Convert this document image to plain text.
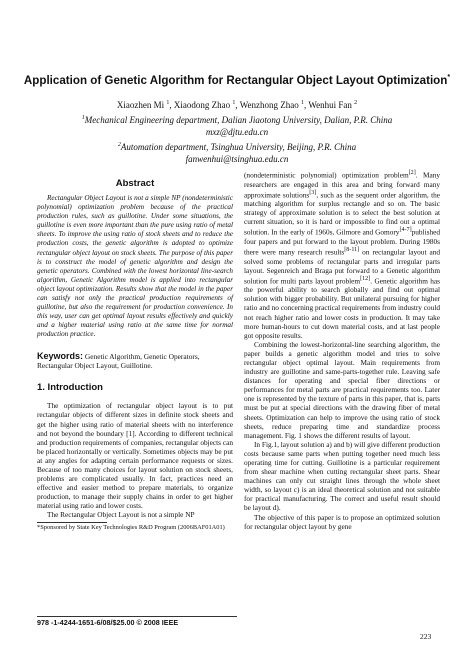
Application of Genetic Algorithm for Rectangular Object Layout Optimization*
Xiaozhen Mi $^1$, Xiaodong Zhao $^1$, Wenzhong Zhao $^1$, Wenhui Fan $^2$
$^1$Mechanical Engineering department, Dalian Jiaotong University, Dalian, P.R. China
mxz@djtu.edu.cn
$^2$Automation department, Tsinghua University, Beijing, P.R. China
fanwenhui@tsinghua.edu.cn
Abstract

Rectangular Object Layout is not a simple NP (nondeterministic polynomial) optimization problem because of the practical production rules, such as guillotine. Under some situations, the guillotine is even more important than the pure using ratio of metal sheets. To improve the using ratio of stock sheets and to reduce the production costs, the genetic algorithm is adopted to optimize rectangular object layout on stock sheets. The purpose of this paper is to construct the model of genetic algorithm and design the genetic operators. Combined with the lowest horizontal line-search algorithm, Genetic Algorithm model is applied into rectangular object layout optimization. Results show that the model in the paper can satisfy not only the practical production requirements of guillotine, but also the requirement for production convenience. In this way, user can get optimal layout results effectively and quickly and a higher material using ratio at the same time for normal production practice.

Keywords: Genetic Algorithm, Genetic Operators, Rectangular Object Layout, Guillotine.

1. Introduction

The optimization of rectangular object layout is to put rectangular objects of different sizes in definite stock sheets and get the higher using ratio of material sheets with no interference and not beyond the boundary [1]. According to different technical and production requirements of companies, rectangular objects can be placed horizontally or vertically. Sometimes objects may be put at any angles for adapting certain performance requests or sizes. Because of too many choices for layout solution on stock sheets, problems are complicated usually. In fact, practices need an effective and easier method to prepare materials, to organize production, to manage their supply chains in order to get higher material using ratio and lower costs.

The Rectangular Object Layout is not a simple NP

*Sponsored by State Key Technologies R&D Program (2006BAF01A01)

(nondeterministic polynomial) optimization problem[2]. Many researchers are engaged in this area and bring forward many approximate solutions[3], such as the sequent order algorithm, the matching algorithm for surplus rectangle and so on. The basic strategy of approximate solution is to select the best solution at current situation, so it is hard or impossible to find out a optimal solution. In the early of 1960s, Gilmore and Gomory[4-7]published four papers and put forward to the layout problem. During 1980s there were many research results[8-11] on rectangular layout and solved some problems of rectangular parts and irregular parts layout. Segenreich and Braga put forward to a Genetic algorithm solution for multi parts layout problem[12]. Genetic algorithm has the powerful ability to search globally and find out optimal solution with bigger probability. But unilateral pursuing for higher ratio and no concerning practical requirements from industry could not reach higher ratio and lower costs in production. It may take more human-hours to cut down material costs, and at last people got opposite results.

Combining the lowest-horizontal-line searching algorithm, the paper builds a genetic algorithm model and tries to solve rectangular object optimal layout. Main requirements from industry are guillotine and same-parts-together rule. Leaving safe distances for operating and special fiber directions or performances for metal parts are practical requirements too. Later one is represented by the texture of parts in this paper, that is, parts must be put at special directions with the drawing fiber of metal sheets. Optimization can help to improve the using ratio of stock sheets, reduce preparing time and standardize process management. Fig. 1 shows the different results of layout.

In Fig.1, layout solution a) and b) will give different production costs because same parts when putting together need much less operating time for cutting. Guillotine is a particular requirement from shear machine when cutting rectangular sheet parts. Shear machines can only cut straight lines through the whole sheet width, so layout c) is an ideal theoretical solution and not suitable for practical manufacturing. The correct and useful result should be layout d).

The objective of this paper is to propose an optimized solution for rectangular object layout by gene

978 -1-4244-1651-6/08/$25.00 © 2008 IEEE
223
